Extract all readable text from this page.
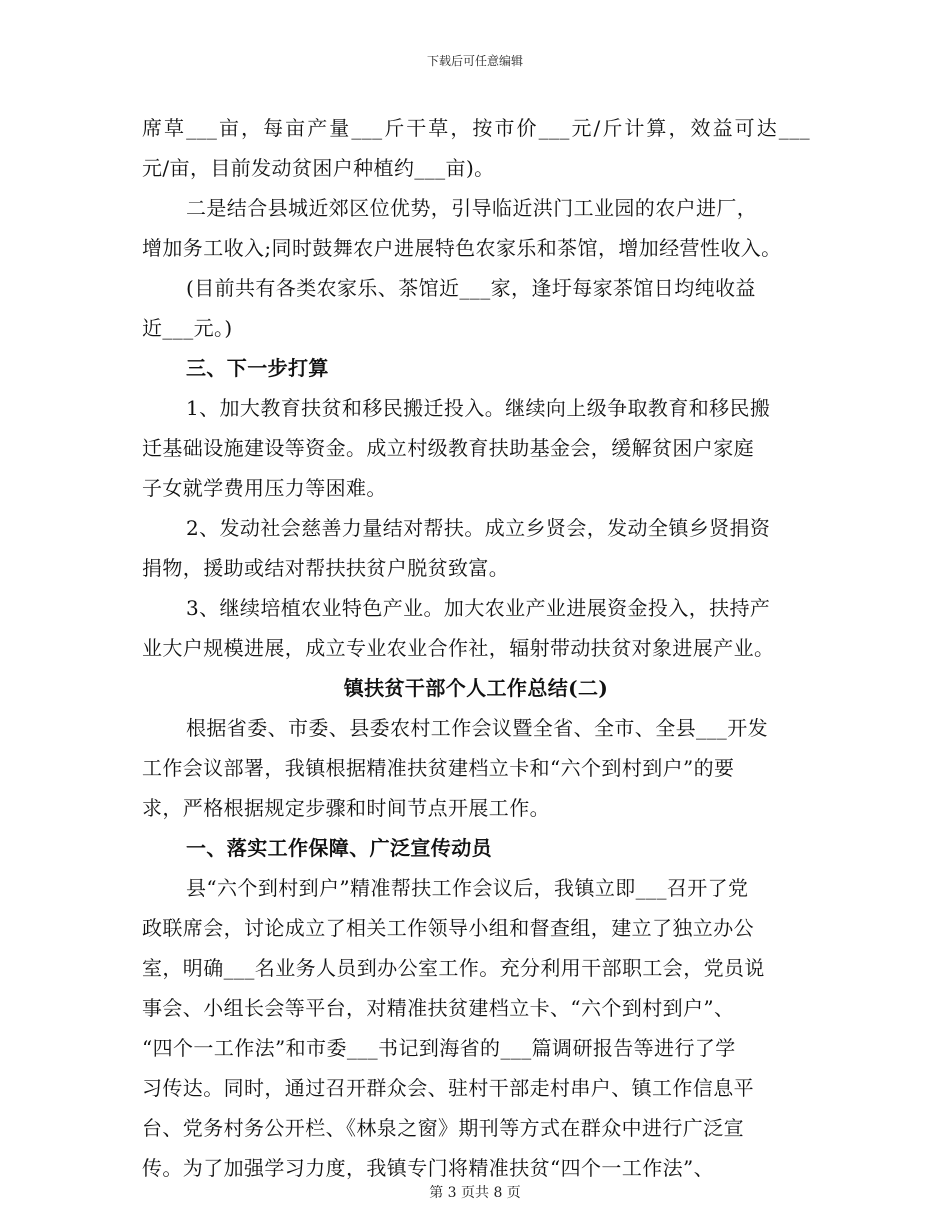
下载后可任意编辑
席草___亩，每亩产量___斤干草，按市价___元/斤计算，效益可达___
元/亩，目前发动贫困户种植约___亩)。
二是结合县城近郊区位优势，引导临近洪门工业园的农户进厂，
增加务工收入;同时鼓舞农户进展特色农家乐和茶馆，增加经营性收入。
(目前共有各类农家乐、茶馆近___家，逢圩每家茶馆日均纯收益
近___元。)
三、下一步打算
1、加大教育扶贫和移民搬迁投入。继续向上级争取教育和移民搬
迁基础设施建设等资金。成立村级教育扶助基金会，缓解贫困户家庭
子女就学费用压力等困难。
2、发动社会慈善力量结对帮扶。成立乡贤会，发动全镇乡贤捐资
捐物，援助或结对帮扶扶贫户脱贫致富。
3、继续培植农业特色产业。加大农业产业进展资金投入，扶持产
业大户规模进展，成立专业农业合作社，辐射带动扶贫对象进展产业。
镇扶贫干部个人工作总结(二)
根据省委、市委、县委农村工作会议暨全省、全市、全县___开发
工作会议部署，我镇根据精准扶贫建档立卡和“六个到村到户”的要
求，严格根据规定步骤和时间节点开展工作。
一、落实工作保障、广泛宣传动员
县“六个到村到户”精准帮扶工作会议后，我镇立即___召开了党
政联席会，讨论成立了相关工作领导小组和督查组，建立了独立办公
室，明确___名业务人员到办公室工作。充分利用干部职工会，党员说
事会、小组长会等平台，对精准扶贫建档立卡、“六个到村到户”、
“四个一工作法”和市委___书记到海省的___篇调研报告等进行了学
习传达。同时，通过召开群众会、驻村干部走村串户、镇工作信息平
台、党务村务公开栏、《林泉之窗》期刊等方式在群众中进行广泛宣
传。为了加强学习力度，我镇专门将精准扶贫“四个一工作法”、
第 3 页共 8 页
